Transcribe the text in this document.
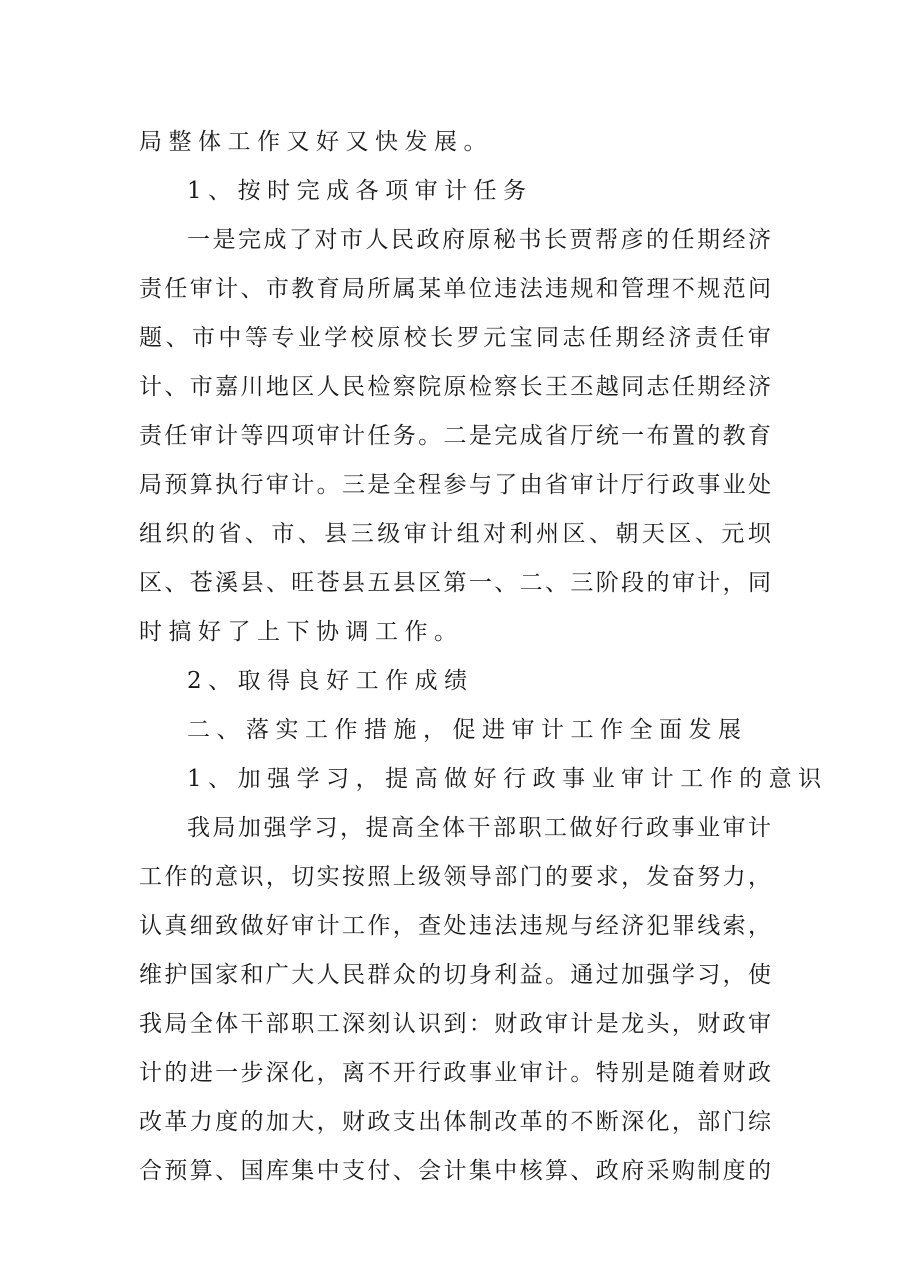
局 整 体 工 作 又 好 又 快 发 展 。
1 、 按 时 完 成 各 项 审 计 任 务
一 是 完 成 了 对 市 人 民 政 府 原 秘 书 长 贾 帮 彦 的 任 期 经 济
责 任 审 计 、 市 教 育 局 所 属 某 单 位 违 法 违 规 和 管 理 不 规 范 问
题 、 市 中 等 专 业 学 校 原 校 长 罗 元 宝 同 志 任 期 经 济 责 任 审
计 、 市 嘉 川 地 区 人 民 检 察 院 原 检 察 长 王 丕 越 同 志 任 期 经 济
责 任 审 计 等 四 项 审 计 任 务 。 二 是 完 成 省 厅 统 一 布 置 的 教 育
局 预 算 执 行 审 计 。 三 是 全 程 参 与 了 由 省 审 计 厅 行 政 事 业 处
组 织 的 省 、 市 、 县 三 级 审 计 组 对 利 州 区 、 朝 天 区 、 元 坝
区 、 苍 溪 县 、 旺 苍 县 五 县 区 第 一 、 二 、 三 阶 段 的 审 计 ， 同
时 搞 好 了 上 下 协 调 工 作 。
2 、 取 得 良 好 工 作 成 绩
二 、 落 实 工 作 措 施 ， 促 进 审 计 工 作 全 面 发 展
1 、 加 强 学 习 ， 提 高 做 好 行 政 事 业 审 计 工 作 的 意 识
我 局 加 强 学 习 ， 提 高 全 体 干 部 职 工 做 好 行 政 事 业 审 计
工 作 的 意 识 ， 切 实 按 照 上 级 领 导 部 门 的 要 求 ， 发 奋 努 力 ，
认 真 细 致 做 好 审 计 工 作 ， 查 处 违 法 违 规 与 经 济 犯 罪 线 索 ，
维 护 国 家 和 广 大 人 民 群 众 的 切 身 利 益 。 通 过 加 强 学 习 ， 使
我 局 全 体 干 部 职 工 深 刻 认 识 到 ： 财 政 审 计 是 龙 头 ， 财 政 审
计 的 进 一 步 深 化 ， 离 不 开 行 政 事 业 审 计 。 特 别 是 随 着 财 政
改 革 力 度 的 加 大 ， 财 政 支 出 体 制 改 革 的 不 断 深 化 ， 部 门 综
合 预 算 、 国 库 集 中 支 付 、 会 计 集 中 核 算 、 政 府 采 购 制 度 的
